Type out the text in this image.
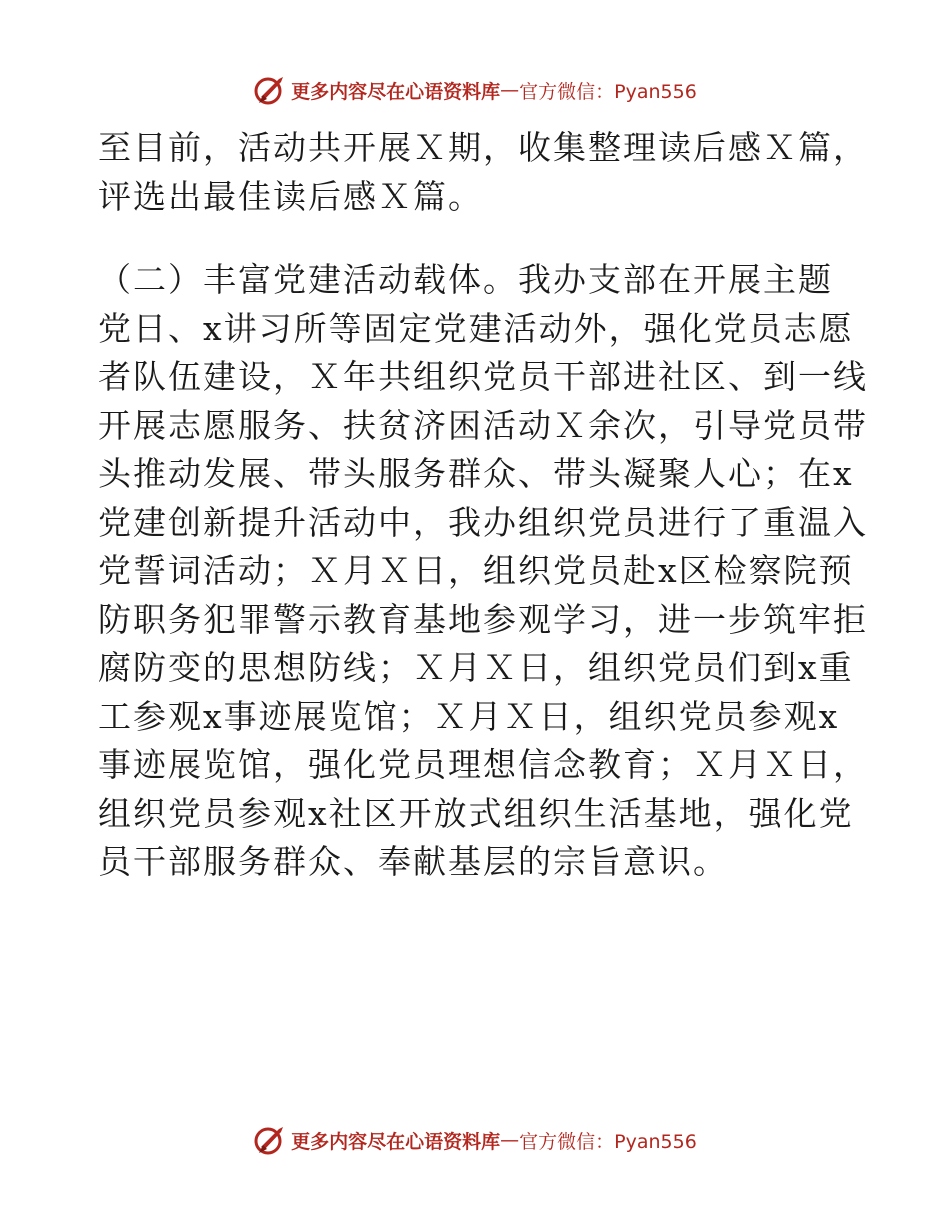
更多内容尽在心语资料库 — 官方微信：Pyan556
至目前，活动共开展Ｘ期，收集整理读后感Ｘ篇，
评选出最佳读后感Ｘ篇。
（二）丰富党建活动载体。我办支部在开展主题
党日、x讲习所等固定党建活动外，强化党员志愿
者队伍建设，Ｘ年共组织党员干部进社区、到一线
开展志愿服务、扶贫济困活动Ｘ余次，引导党员带
头推动发展、带头服务群众、带头凝聚人心；在x
党建创新提升活动中，我办组织党员进行了重温入
党誓词活动；Ｘ月Ｘ日，组织党员赴x区检察院预
防职务犯罪警示教育基地参观学习，进一步筑牢拒
腐防变的思想防线；Ｘ月Ｘ日，组织党员们到x重
工参观x事迹展览馆；Ｘ月Ｘ日，组织党员参观x
事迹展览馆，强化党员理想信念教育；Ｘ月Ｘ日，
组织党员参观x社区开放式组织生活基地，强化党
员干部服务群众、奉献基层的宗旨意识。
更多内容尽在心语资料库 — 官方微信：Pyan556
